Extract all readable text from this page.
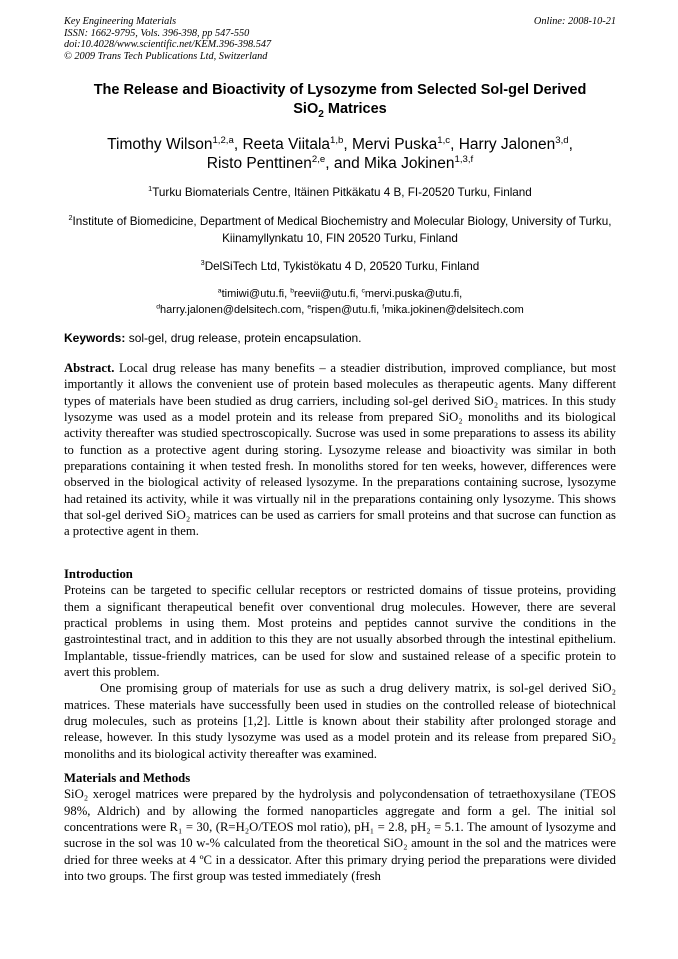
Key Engineering Materials
ISSN: 1662-9795, Vols. 396-398, pp 547-550
doi:10.4028/www.scientific.net/KEM.396-398.547
© 2009 Trans Tech Publications Ltd, Switzerland
Online: 2008-10-21
The Release and Bioactivity of Lysozyme from Selected Sol-gel Derived
SiO$_2$ Matrices
Timothy Wilson$^{1,2,a}$, Reeta Viitala$^{1,b}$, Mervi Puska$^{1,c}$, Harry Jalonen$^{3,d}$,
Risto Penttinen$^{2,e}$, and Mika Jokinen$^{1,3,f}$
$^1$Turku Biomaterials Centre, Itäinen Pitkäkatu 4 B, FI-20520 Turku, Finland
$^2$Institute of Biomedicine, Department of Medical Biochemistry and Molecular Biology, University of Turku, Kiinamyllynkatu 10, FIN 20520 Turku, Finland
$^3$DelSiTech Ltd, Tykistökatu 4 D, 20520 Turku, Finland
$^a$timiwi@utu.fi, $^b$reevii@utu.fi, $^c$mervi.puska@utu.fi,
$^d$harry.jalonen@delsitech.com, $^e$rispen@utu.fi, $^f$mika.jokinen@delsitech.com
Keywords: sol-gel, drug release, protein encapsulation.

Abstract. Local drug release has many benefits – a steadier distribution, improved compliance, but most importantly it allows the convenient use of protein based molecules as therapeutic agents. Many different types of materials have been studied as drug carriers, including sol-gel derived SiO₂ matrices. In this study lysozyme was used as a model protein and its release from prepared SiO₂ monoliths and its biological activity thereafter was studied spectroscopically. Sucrose was used in some preparations to assess its ability to function as a protective agent during storing. Lysozyme release and bioactivity was similar in both preparations containing it when tested fresh. In monoliths stored for ten weeks, however, differences were observed in the biological activity of released lysozyme. In the preparations containing sucrose, lysozyme had retained its activity, while it was virtually nil in the preparations containing only lysozyme. This shows that sol-gel derived SiO₂ matrices can be used as carriers for small proteins and that sucrose can function as a protective agent in them.

Introduction

Proteins can be targeted to specific cellular receptors or restricted domains of tissue proteins, providing them a significant therapeutical benefit over conventional drug molecules. However, there are several practical problems in using them. Most proteins and peptides cannot survive the conditions in the gastrointestinal tract, and in addition to this they are not usually absorbed through the intestinal epithelium. Implantable, tissue-friendly matrices, can be used for slow and sustained release of a specific protein to avert this problem.

One promising group of materials for use as such a drug delivery matrix, is sol-gel derived SiO₂ matrices. These materials have successfully been used in studies on the controlled release of biotechnical drug molecules, such as proteins [1,2]. Little is known about their stability after prolonged storage and release, however. In this study lysozyme was used as a model protein and its release from prepared SiO₂ monoliths and its biological activity thereafter was examined.

Materials and Methods

SiO₂ xerogel matrices were prepared by the hydrolysis and polycondensation of tetraethoxysilane (TEOS 98%, Aldrich) and by allowing the formed nanoparticles aggregate and form a gel. The initial sol concentrations were R₁ = 30, (R=H₂O/TEOS mol ratio), pH₁ = 2.8, pH₂ = 5.1. The amount of lysozyme and sucrose in the sol was 10 w-% calculated from the theoretical SiO₂ amount in the sol and the matrices were dried for three weeks at 4 ºC in a dessicator. After this primary drying period the preparations were divided into two groups. The first group was tested immediately (fresh
